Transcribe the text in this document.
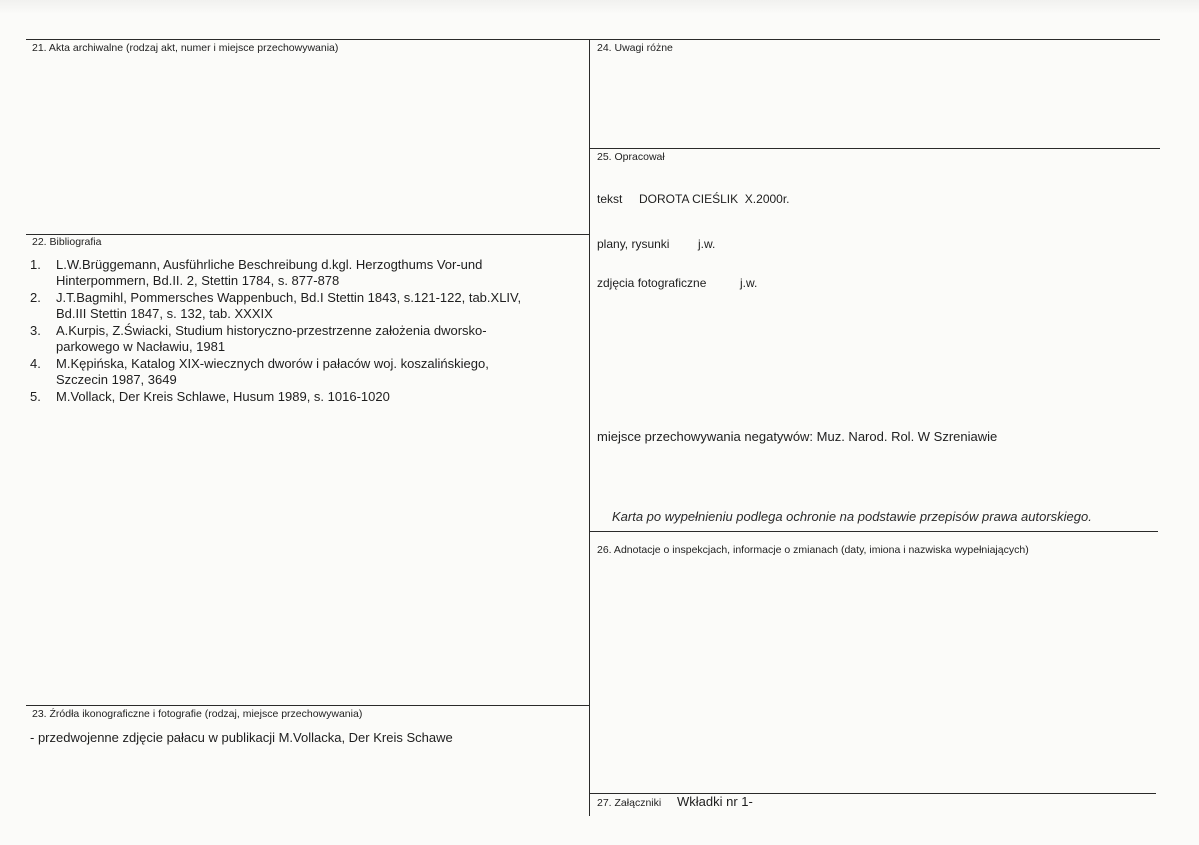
21. Akta archiwalne (rodzaj akt, numer i miejsce przechowywania)
22. Bibliografia
1. L.W.Brüggemann, Ausführliche Beschreibung d.kgl. Herzogthums Vor-und
Hinterpommern, Bd.II. 2, Stettin 1784, s. 877-878
2. J.T.Bagmihl, Pommersches Wappenbuch, Bd.I Stettin 1843, s.121-122, tab.XLIV,
Bd.III Stettin 1847, s. 132, tab. XXXIX
3. A.Kurpis, Z.Świacki, Studium historyczno-przestrzenne założenia dworsko-
parkowego w Nacławiu, 1981
4. M.Kępińska, Katalog XIX-wiecznych dworów i pałaców woj. koszalińskiego,
Szczecin 1987, 3649
5. M.Vollack, Der Kreis Schlawe, Husum 1989, s. 1016-1020
23. Źródła ikonograficzne i fotografie (rodzaj, miejsce przechowywania)
- przedwojenne zdjęcie pałacu w publikacji M.Vollacka, Der Kreis Schawe
24. Uwagi różne
25. Opracował
tekst DOROTA CIEŚLIK  X.2000r.
plany, rysunki j.w.
zdjęcia fotograficzne	j.w.
miejsce przechowywania negatywów: Muz. Narod. Rol. W Szreniawie
Karta po wypełnieniu podlega ochronie na podstawie przepisów prawa autorskiego.
26. Adnotacje o inspekcjach, informacje o zmianach (daty, imiona i nazwiska wypełniających)
27. Załączniki Wkładki nr 1-
